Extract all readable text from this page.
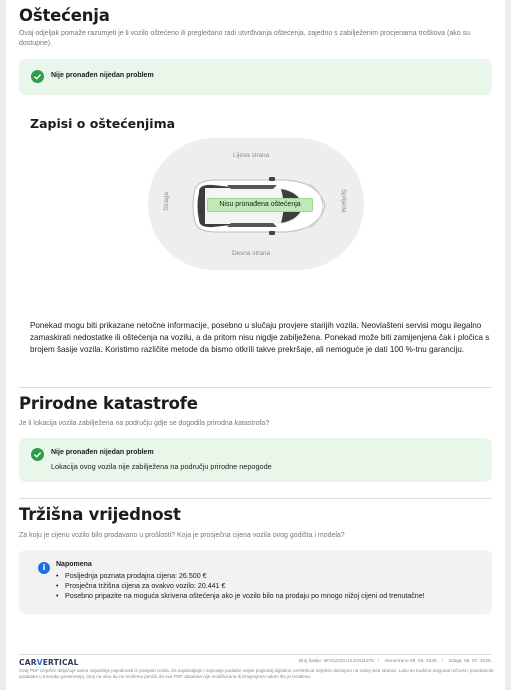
Oštećenja

Ovaj odjeljak pomaže razumjeti je li vozilo oštećeno ili pregledano radi utvrđivanja oštećenja, zajedno s zabilježenim procjenama troškova (ako su dostupne).

Nije pronađen nijedan problem
Zapisi o oštećenjima
Lijeva strana
Desna strana
Straga	Sprijeda
Nisu pronađena oštećenja

Ponekad mogu biti prikazane netočne informacije, posebno u slučaju provjere starijih vozila. Neovlašteni servisi mogu ilegalno zamaskirati nedostatke ili oštećenja na vozilu, a da pritom nisu nigdje zabilježena. Ponekad može biti zamijenjena čak i pločica s brojem šasije vozila. Koristimo različite metode da bismo otkrili takve prekršaje, ali nemoguće je dati 100 %-tnu garanciju.

Prirodne katastrofe

Je li lokacija vozila zabilježena na području gdje se dogodila prirodna katastrofa?

Nije pronađen nijedan problem
Lokacija ovog vozila nije zabilježena na području prirodne nepogode
Tržišna vrijednost

Za koju je cijenu vozilo bilo prodavano u prošlosti? Koja je prosječna cijena vozila ovog godišta i modela?

i	Napomena
• Posljednja poznata prodajna cijena: 26.500 €
• Prosječna tržišna cijena za ovakvo vozilo: 20.441 €
• Posebno pripazite na moguća skrivena oštećenja ako je vozilo bilo na prodaju po mnogo nižoj cijeni od trenutačne!
CARVERTICAL	Broj šasije: WVGZZZA1ZJV011275 | Generirano 09. 06. 2025. | Izdaja: 09. 07. 2025.

Ovaj PDF izvješće uključuje samo najvažnije pojedinosti iz povijesti vozila. Za najdetaljnije i najnovije podatke uvijek pogledaj digitalno carVertical izvješće dostupno na našoj web stranici. Lako se trudimo osigurati točnost i pouzdanost podataka u trenutku generiranja, imaj na umu da ne možemo jamčiti da ova PDF datoteka nije modificirana ili izmijenjena nakon što je izrađena.
